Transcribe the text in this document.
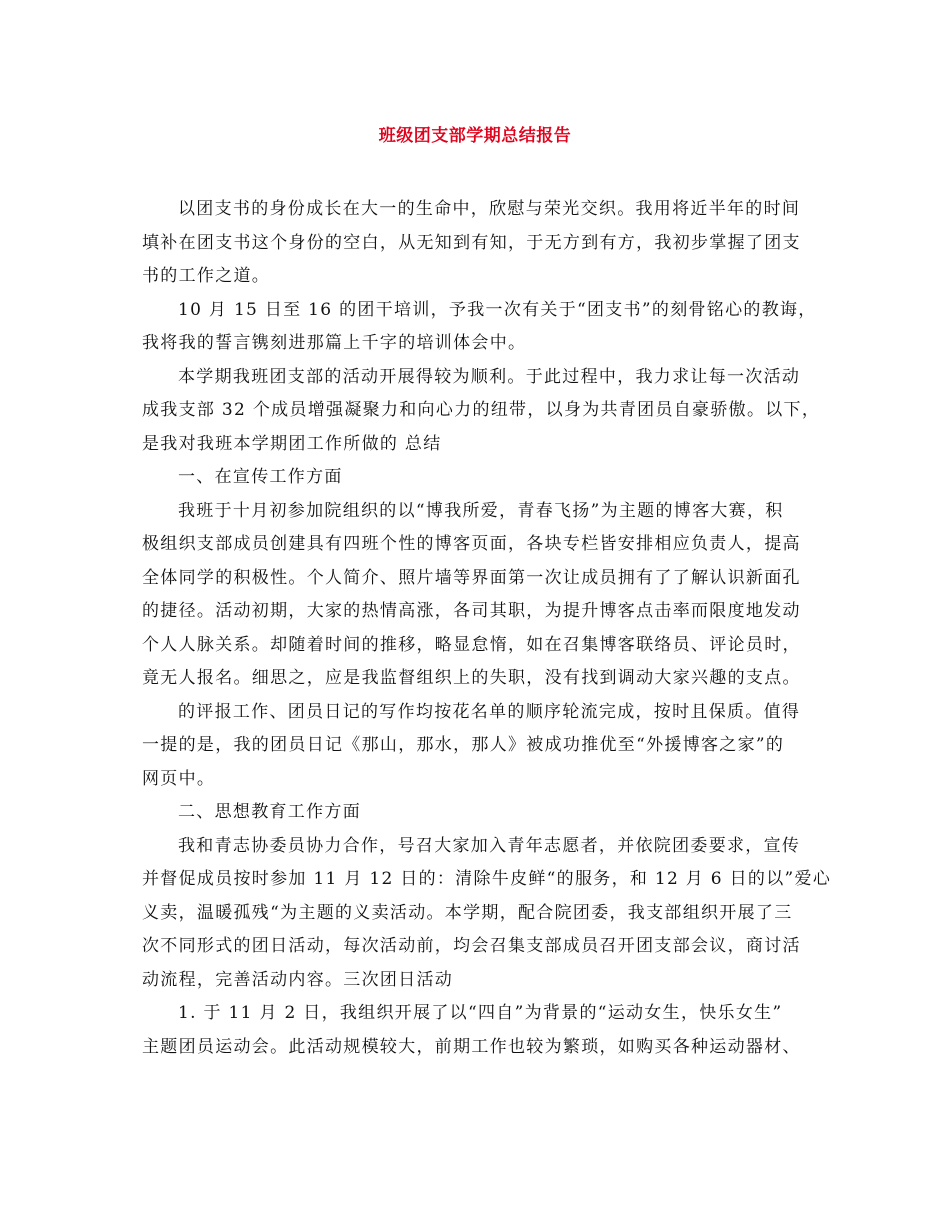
班级团支部学期总结报告
以团支书的身份成长在大一的生命中，欣慰与荣光交织。我用将近半年的时间
填补在团支书这个身份的空白，从无知到有知，于无方到有方，我初步掌握了团支
书的工作之道。
10 月 15 日至 16 的团干培训，予我一次有关于“团支书”的刻骨铭心的教诲，
我将我的誓言镌刻进那篇上千字的培训体会中。
本学期我班团支部的活动开展得较为顺利。于此过程中，我力求让每一次活动
成我支部 32 个成员增强凝聚力和向心力的纽带，以身为共青团员自豪骄傲。以下，
是我对我班本学期团工作所做的 总结
一、在宣传工作方面
我班于十月初参加院组织的以“博我所爱，青春飞扬”为主题的博客大赛，积
极组织支部成员创建具有四班个性的博客页面，各块专栏皆安排相应负责人，提高
全体同学的积极性。个人简介、照片墙等界面第一次让成员拥有了了解认识新面孔
的捷径。活动初期，大家的热情高涨，各司其职，为提升博客点击率而限度地发动
个人人脉关系。却随着时间的推移，略显怠惰，如在召集博客联络员、评论员时，
竟无人报名。细思之，应是我监督组织上的失职，没有找到调动大家兴趣的支点。
的评报工作、团员日记的写作均按花名单的顺序轮流完成，按时且保质。值得
一提的是，我的团员日记《那山，那水，那人》被成功推优至“外援博客之家”的
网页中。
二、思想教育工作方面
我和青志协委员协力合作，号召大家加入青年志愿者，并依院团委要求，宣传
并督促成员按时参加 11 月 12 日的：清除牛皮鲜“的服务，和 12 月 6 日的以”爱心
义卖，温暖孤残“为主题的义卖活动。本学期，配合院团委，我支部组织开展了三
次不同形式的团日活动，每次活动前，均会召集支部成员召开团支部会议，商讨活
动流程，完善活动内容。三次团日活动
1. 于 11 月 2 日，我组织开展了以“四自”为背景的“运动女生，快乐女生”
主题团员运动会。此活动规模较大，前期工作也较为繁琐，如购买各种运动器材、
